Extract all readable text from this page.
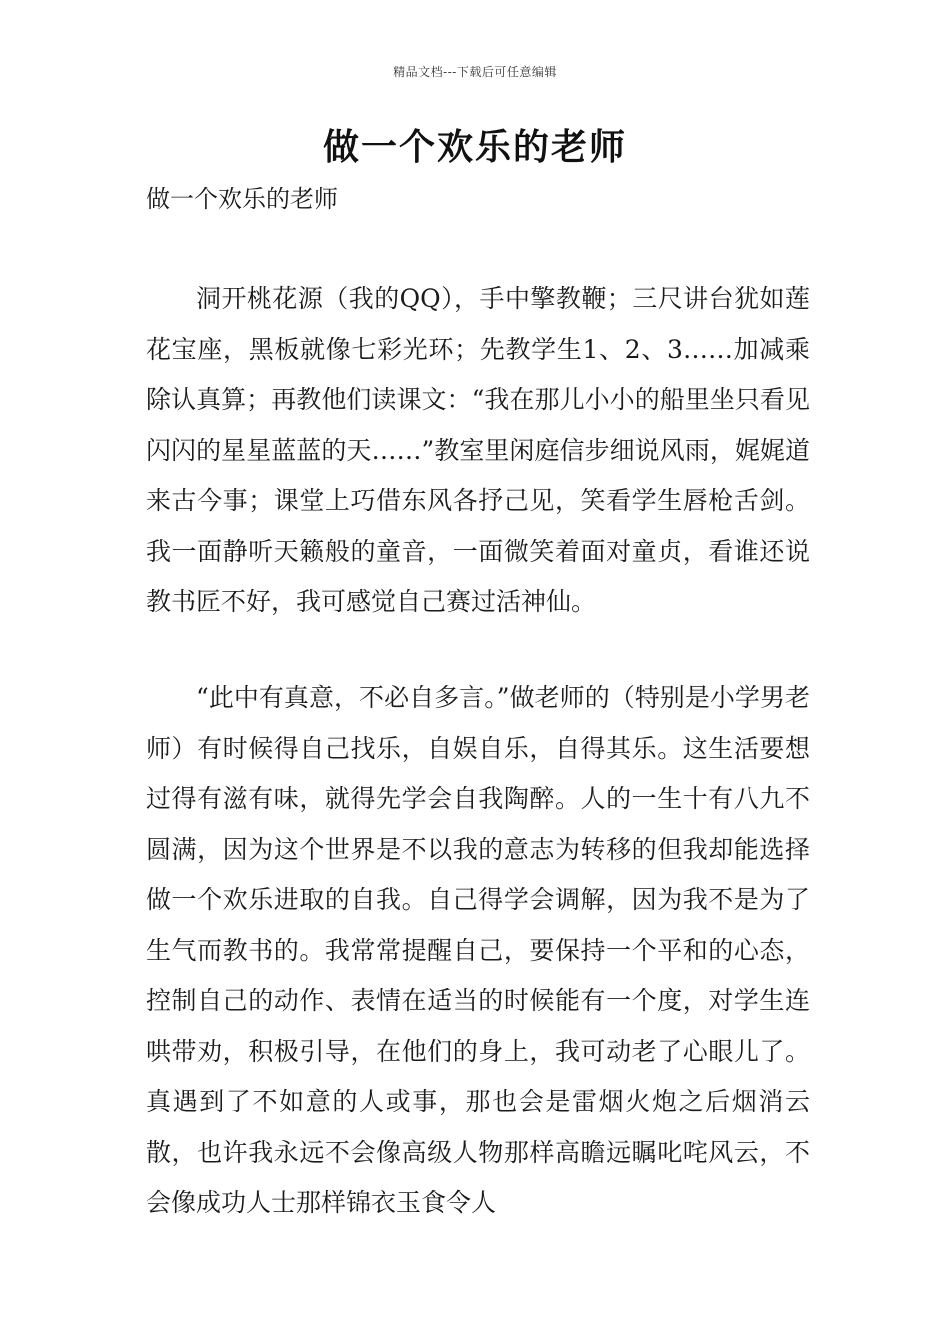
精品文档---下载后可任意编辑
做一个欢乐的老师
做一个欢乐的老师

洞开桃花源（我的QQ），手中擎教鞭；三尺讲台犹如莲花宝座，黑板就像七彩光环；先教学生1、2、3……加减乘除认真算；再教他们读课文：“我在那儿小小的船里坐只看见闪闪的星星蓝蓝的天……”教室里闲庭信步细说风雨，娓娓道来古今事；课堂上巧借东风各抒己见，笑看学生唇枪舌剑。我一面静听天籁般的童音，一面微笑着面对童贞，看谁还说教书匠不好，我可感觉自己赛过活神仙。

“此中有真意，不必自多言。”做老师的（特别是小学男老师）有时候得自己找乐，自娱自乐，自得其乐。这生活要想过得有滋有味，就得先学会自我陶醉。人的一生十有八九不圆满，因为这个世界是不以我的意志为转移的但我却能选择做一个欢乐进取的自我。自己得学会调解，因为我不是为了生气而教书的。我常常提醒自己，要保持一个平和的心态，控制自己的动作、表情在适当的时候能有一个度，对学生连哄带劝，积极引导，在他们的身上，我可动老了心眼儿了。真遇到了不如意的人或事，那也会是雷烟火炮之后烟消云散，也许我永远不会像高级人物那样高瞻远瞩叱咤风云，不会像成功人士那样锦衣玉食令人
